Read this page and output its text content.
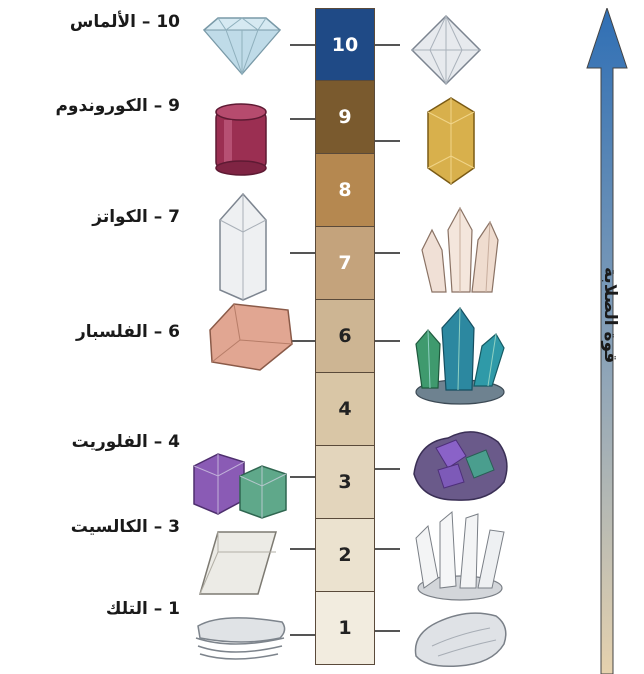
10 – الألماس
9 – الكوروندوم
7 – الكواتز
6 – الفلسبار
4 – الفلوريت
3 – الكالسيت
1 – التلك
10
9
8
7
6
4
3
2
1
قوة الصلابة
